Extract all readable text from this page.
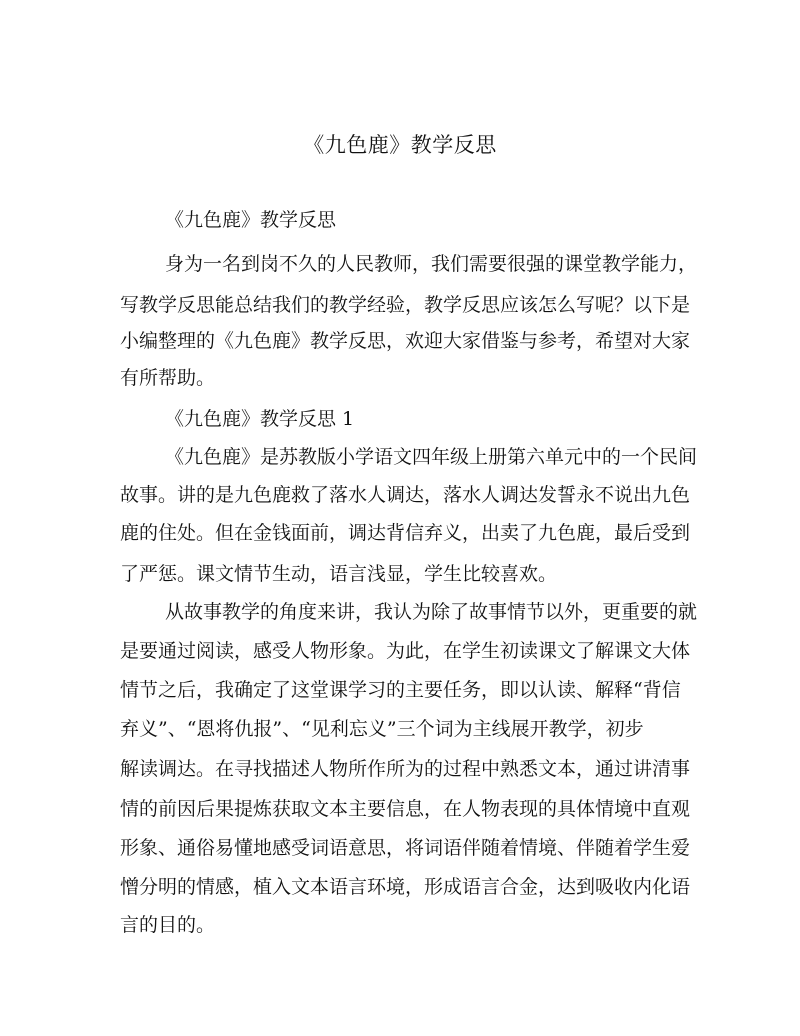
《九色鹿》教学反思

《九色鹿》教学反思

身为一名到岗不久的人民教师，我们需要很强的课堂教学能力，

写教学反思能总结我们的教学经验，教学反思应该怎么写呢？以下是

小编整理的《九色鹿》教学反思，欢迎大家借鉴与参考，希望对大家

有所帮助。

《九色鹿》教学反思 1

《九色鹿》是苏教版小学语文四年级上册第六单元中的一个民间

故事。讲的是九色鹿救了落水人调达，落水人调达发誓永不说出九色

鹿的住处。但在金钱面前，调达背信弃义，出卖了九色鹿，最后受到

了严惩。课文情节生动，语言浅显，学生比较喜欢。

从故事教学的角度来讲，我认为除了故事情节以外，更重要的就

是要通过阅读，感受人物形象。为此，在学生初读课文了解课文大体

情节之后，我确定了这堂课学习的主要任务，即以认读、解释“背信

弃义”、“恩将仇报”、“见利忘义”三个词为主线展开教学，初步

解读调达。在寻找描述人物所作所为的过程中熟悉文本，通过讲清事

情的前因后果提炼获取文本主要信息，在人物表现的具体情境中直观

形象、通俗易懂地感受词语意思，将词语伴随着情境、伴随着学生爱

憎分明的情感，植入文本语言环境，形成语言合金，达到吸收内化语

言的目的。
